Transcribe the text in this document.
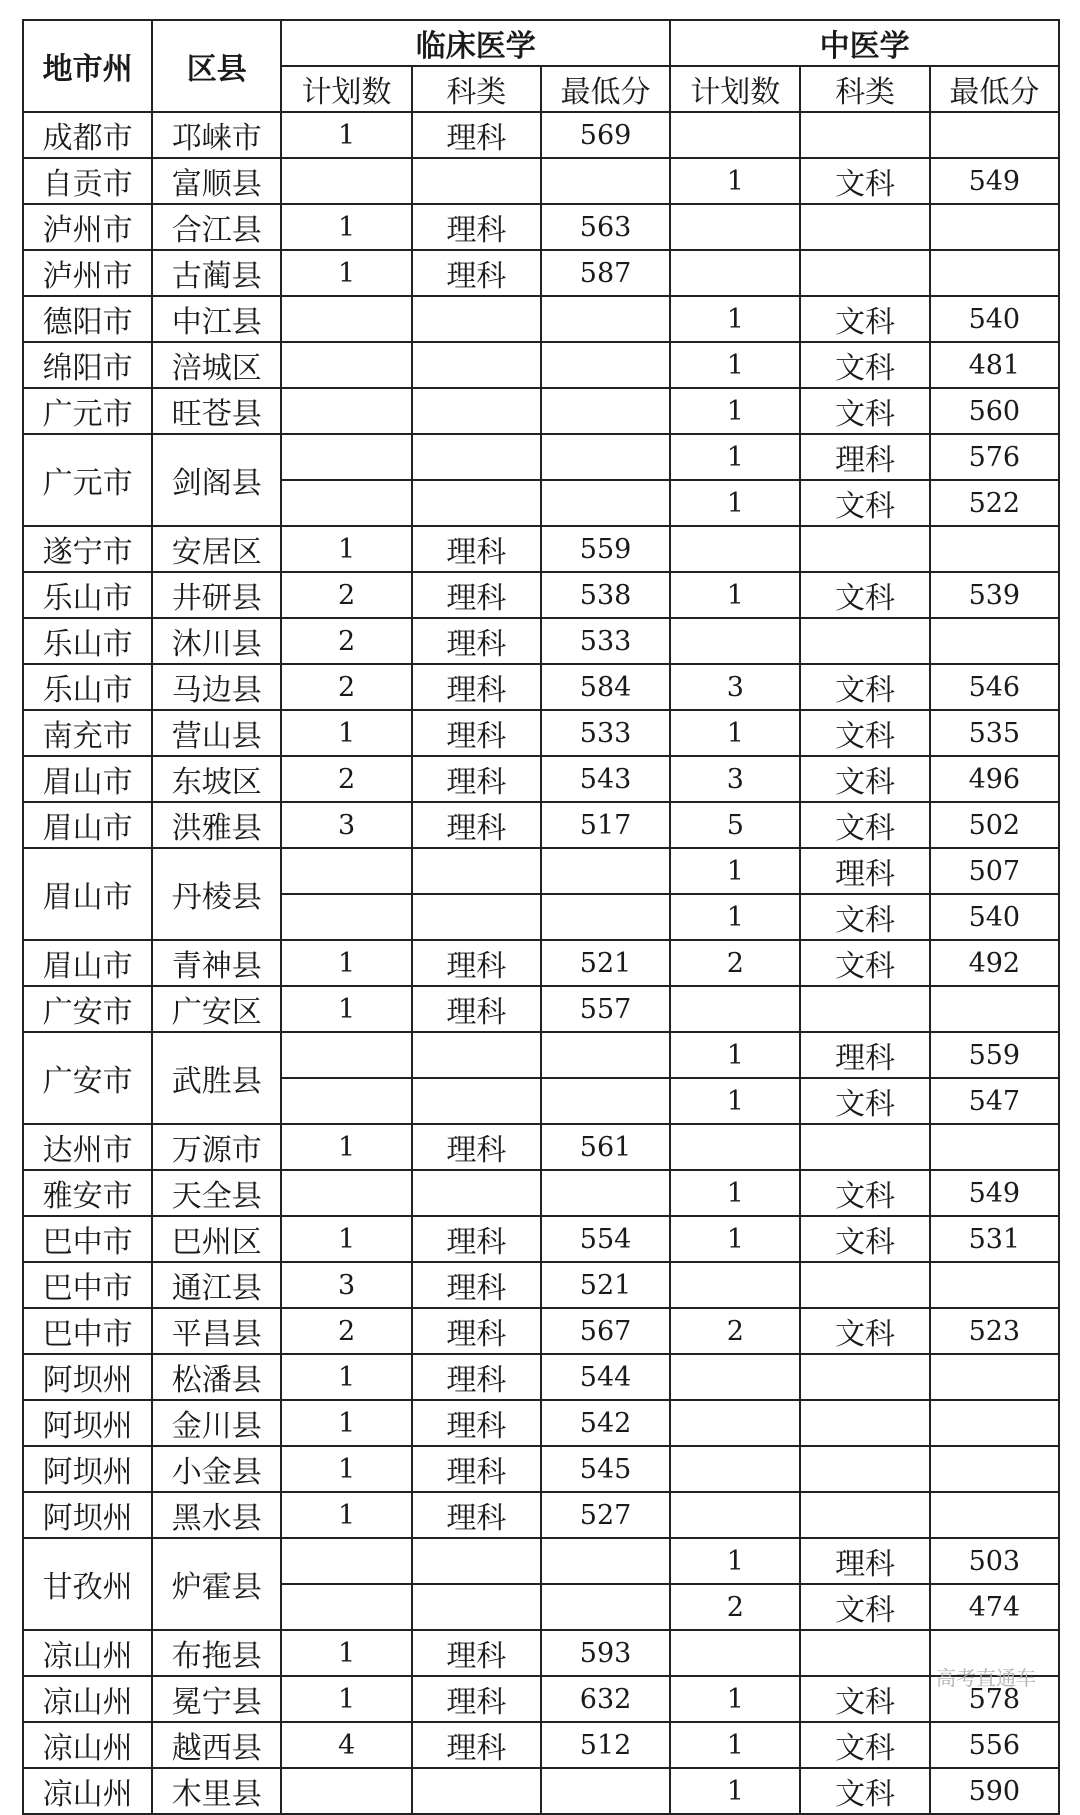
地市州	区县	临床医学			中医学		
		计划数	科类	最低分	计划数	科类	最低分
成都市	邛崃市	1	理科	569			
自贡市	富顺县				1	文科	549
泸州市	合江县	1	理科	563			
泸州市	古蔺县	1	理科	587			
德阳市	中江县				1	文科	540
绵阳市	涪城区				1	文科	481
广元市	旺苍县				1	文科	560
广元市	剑阁县				1	理科	576
					1	文科	522
遂宁市	安居区	1	理科	559			
乐山市	井研县	2	理科	538	1	文科	539
乐山市	沐川县	2	理科	533			
乐山市	马边县	2	理科	584	3	文科	546
南充市	营山县	1	理科	533	1	文科	535
眉山市	东坡区	2	理科	543	3	文科	496
眉山市	洪雅县	3	理科	517	5	文科	502
眉山市	丹棱县				1	理科	507
					1	文科	540
眉山市	青神县	1	理科	521	2	文科	492
广安市	广安区	1	理科	557			
广安市	武胜县				1	理科	559
					1	文科	547
达州市	万源市	1	理科	561			
雅安市	天全县				1	文科	549
巴中市	巴州区	1	理科	554	1	文科	531
巴中市	通江县	3	理科	521			
巴中市	平昌县	2	理科	567	2	文科	523
阿坝州	松潘县	1	理科	544			
阿坝州	金川县	1	理科	542			
阿坝州	小金县	1	理科	545			
阿坝州	黑水县	1	理科	527			
甘孜州	炉霍县				1	理科	503
					2	文科	474
凉山州	布拖县	1	理科	593			
凉山州	冕宁县	1	理科	632	1	文科	578
凉山州	越西县	4	理科	512	1	文科	556
凉山州	木里县				1	文科	590
高考直通车
